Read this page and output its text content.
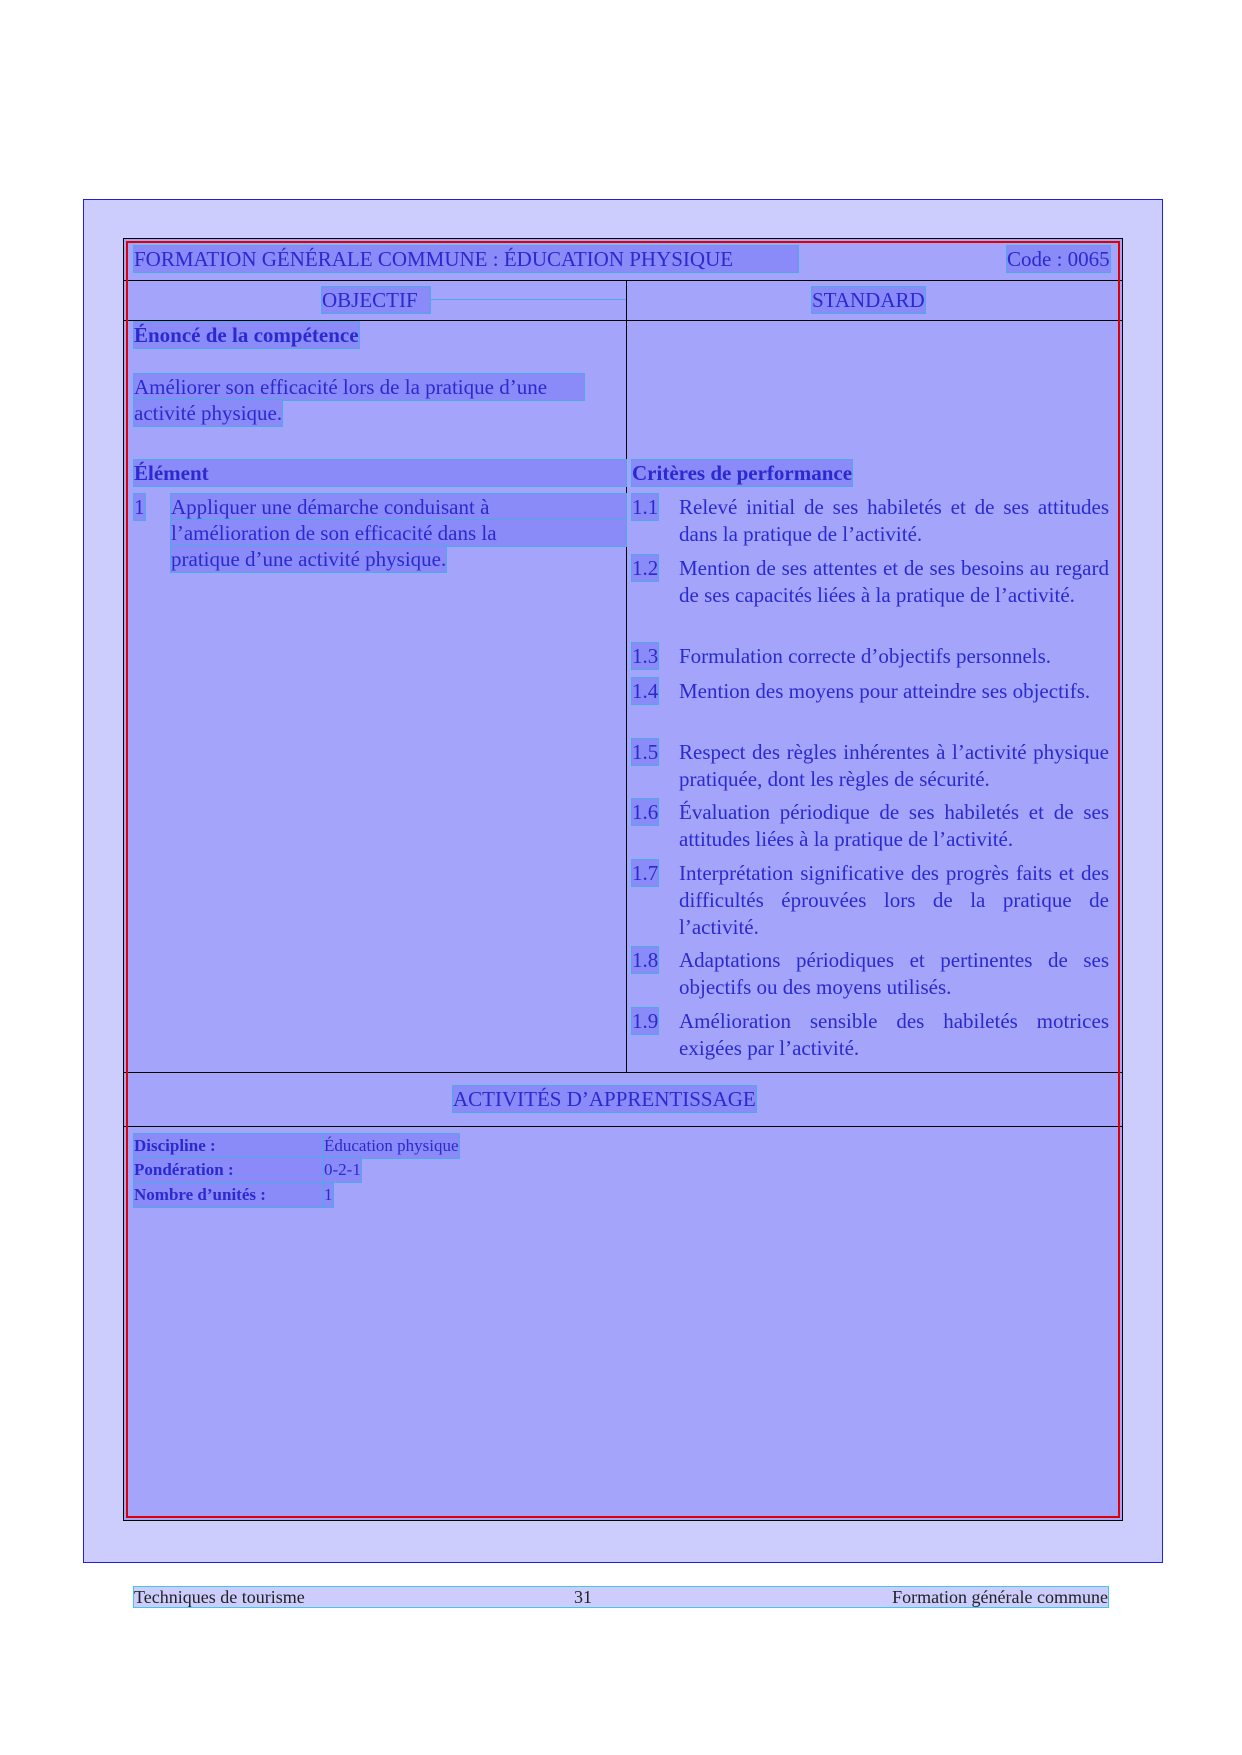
FORMATION GÉNÉRALE COMMUNE : ÉDUCATION PHYSIQUE	Code : 0065
OBJECTIF	STANDARD
Énoncé de la compétence
Améliorer son efficacité lors de la pratique d’une
activité physique.
Élément
1 Appliquer une démarche conduisant à
l’amélioration de son efficacité dans la
pratique d’une activité physique.
Critères de performance
1.1 Relevé initial de ses habiletés et de ses attitudes dans la pratique de l’activité.
1.2 Mention de ses attentes et de ses besoins au regard de ses capacités liées à la pratique de l’activité.
1.3 Formulation correcte d’objectifs personnels.
1.4 Mention des moyens pour atteindre ses objectifs.
1.5 Respect des règles inhérentes à l’activité physique pratiquée, dont les règles de sécurité.
1.6 Évaluation périodique de ses habiletés et de ses attitudes liées à la pratique de l’activité.
1.7 Interprétation significative des progrès faits et des difficultés éprouvées lors de la pratique de l’activité.
1.8 Adaptations périodiques et pertinentes de ses objectifs ou des moyens utilisés.
1.9 Amélioration sensible des habiletés motrices exigées par l’activité.
ACTIVITÉS D’APPRENTISSAGE
Discipline :	Éducation physique
Pondération :	0-2-1
Nombre d’unités :	1
Techniques de tourisme	31	Formation générale commune
